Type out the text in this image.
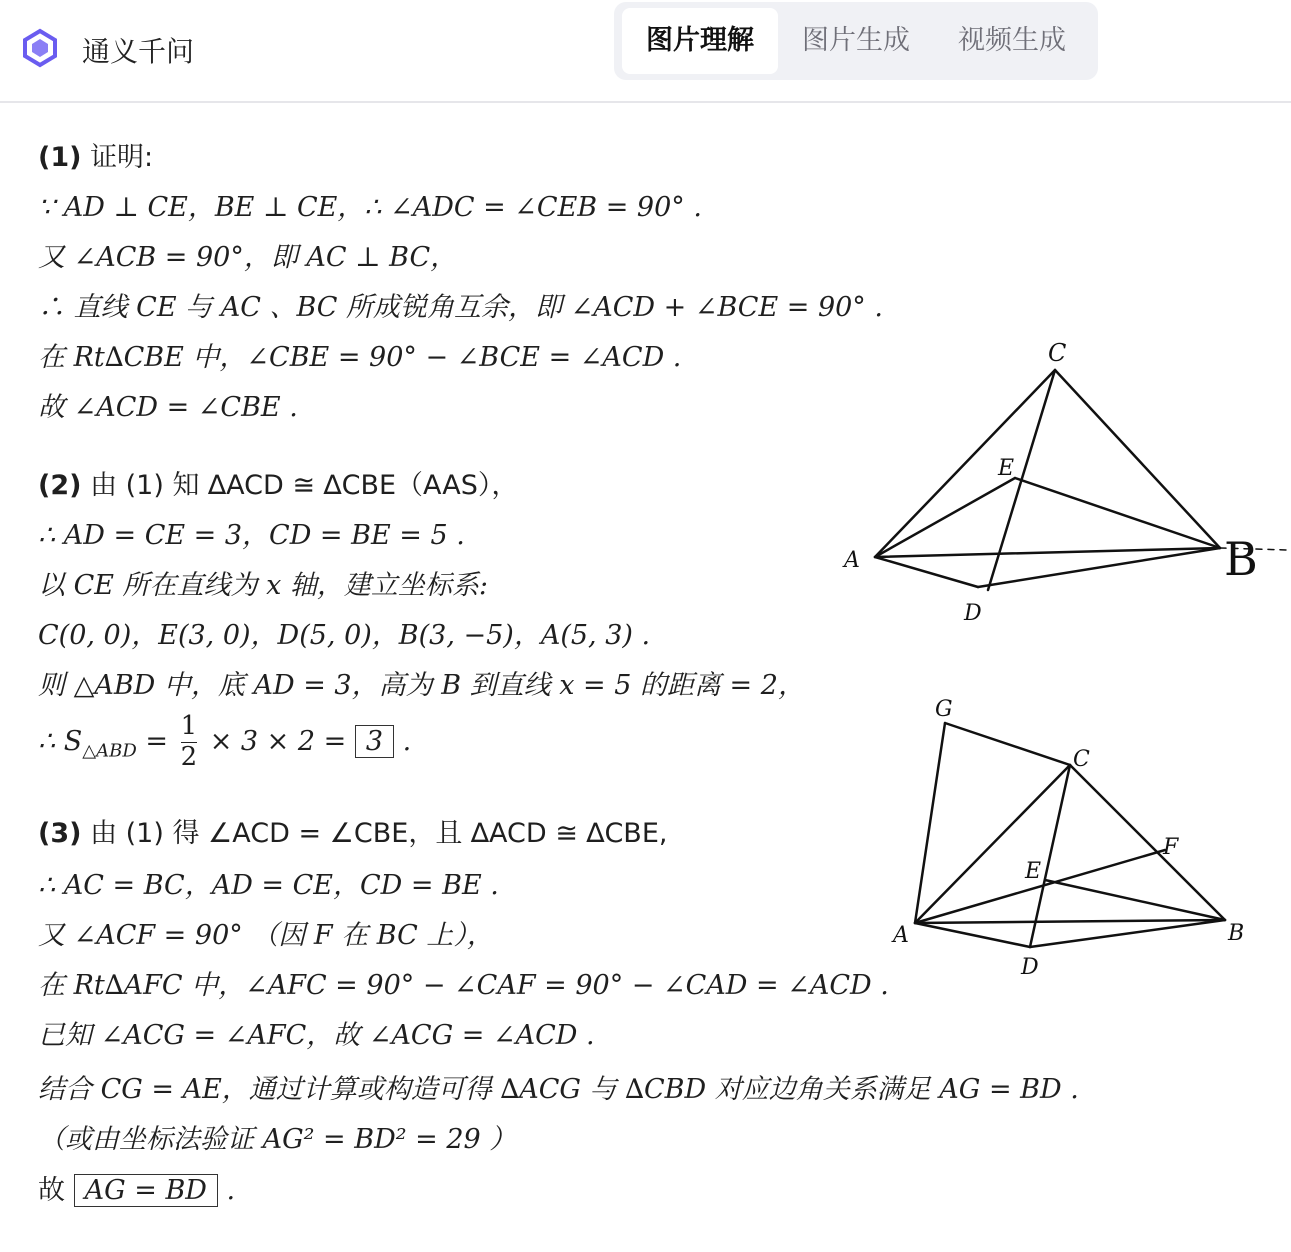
通义千问	图片理解	图片生成	视频生成
(1) 证明:
∵ AD ⊥ CE，BE ⊥ CE，∴ ∠ADC = ∠CEB = 90° .
又 ∠ACB = 90°，即 AC ⊥ BC，
∴ 直线 CE 与 AC 、BC 所成锐角互余，即 ∠ACD + ∠BCE = 90° .
在 Rt∆CBE 中，∠CBE = 90° − ∠BCE = ∠ACD .
故 ∠ACD = ∠CBE .
(2) 由 (1) 知 ∆ACD ≅ ∆CBE（AAS），
∴ AD = CE = 3，CD = BE = 5 .
以 CE 所在直线为 x 轴，建立坐标系:
C(0, 0)，E(3, 0)，D(5, 0)，B(3, −5)，A(5, 3) .
则 △ABD 中，底 AD = 3，高为 B 到直线 x = 5 的距离 = 2，
∴ $S_{\triangle ABD} = \frac{1}{2} \times 3 \times 2 = 3$ .
(3) 由 (1) 得 ∠ACD = ∠CBE，且 ∆ACD ≅ ∆CBE,
∴ AC = BC，AD = CE，CD = BE .
又 ∠ACF = 90° （因 F 在 BC 上），
在 Rt∆AFC 中，∠AFC = 90° − ∠CAF = 90° − ∠CAD = ∠ACD .
已知 ∠ACG = ∠AFC，故 ∠ACG = ∠ACD .
结合 CG = AE，通过计算或构造可得 ∆ACG 与 ∆CBD 对应边角关系满足 AG = BD .
（或由坐标法验证 AG² = BD² = 29 ）
故 AG = BD .
C
E
A	B
D
G
C
F
E
A	B
D
